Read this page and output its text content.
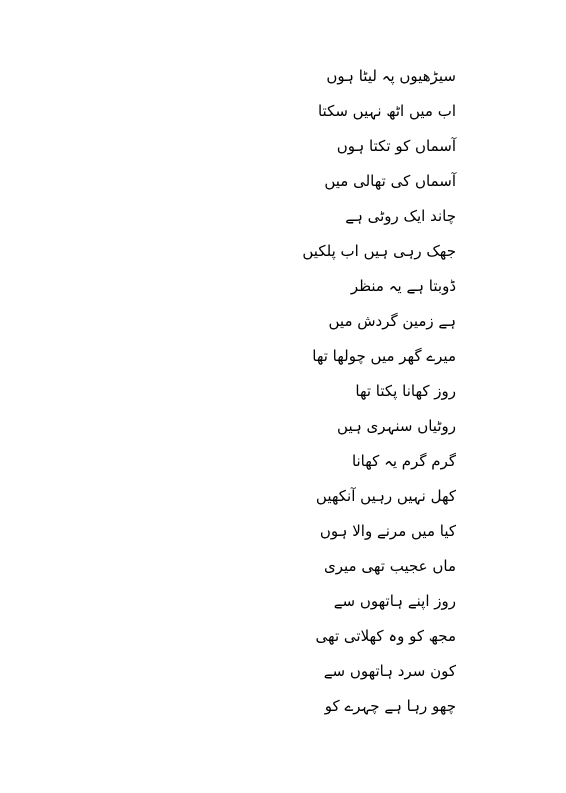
سیڑھیوں پہ لیٹا ہوں
اب میں اٹھ نہیں سکتا
آسماں کو تکتا ہوں
آسماں کی تھالی میں
چاند ایک روٹی ہے
جھک رہی ہیں اب پلکیں
ڈوبتا ہے یہ منظر
ہے زمین گردش میں
میرے گھر میں چولھا تھا
روز کھانا پکتا تھا
روٹیاں سنہری ہیں
گرم گرم یہ کھانا
کھل نہیں رہیں آنکھیں
کیا میں مرنے والا ہوں
ماں عجیب تھی میری
روز اپنے ہاتھوں سے
مجھ کو وہ کھلاتی تھی
کون سرد ہاتھوں سے
چھو رہا ہے چہرے کو
